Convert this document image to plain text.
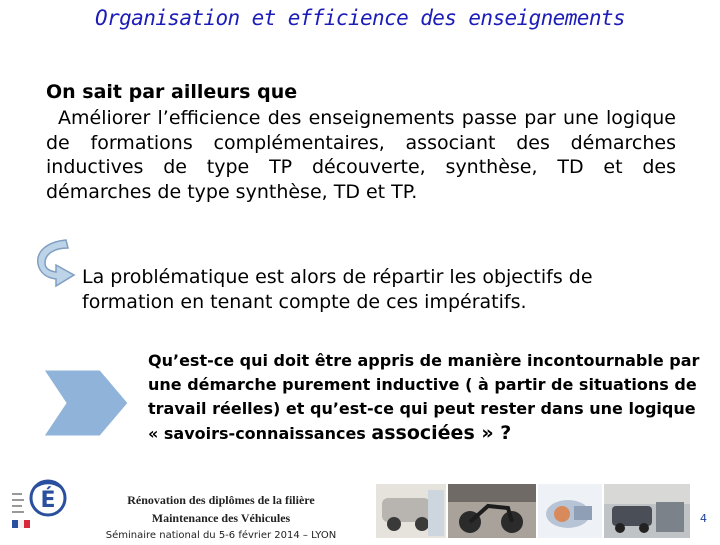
Organisation et efficience des enseignements
On sait par ailleurs que
Améliorer l’efficience des enseignements passe par une logique de formations complémentaires, associant des démarches inductives de type TP découverte, synthèse, TD et des démarches de type synthèse, TD et TP.
La problématique est alors de répartir les objectifs de formation en tenant compte de ces impératifs.
Qu’est-ce qui doit être appris de manière incontournable par une démarche purement inductive ( à partir de situations de travail réelles) et qu’est-ce qui peut rester dans une logique « savoirs-connaissances associées » ?
É	Rénovation des diplômes de la filière
Maintenance des Véhicules
Séminaire national du 5-6 février 2014 – LYON
4
